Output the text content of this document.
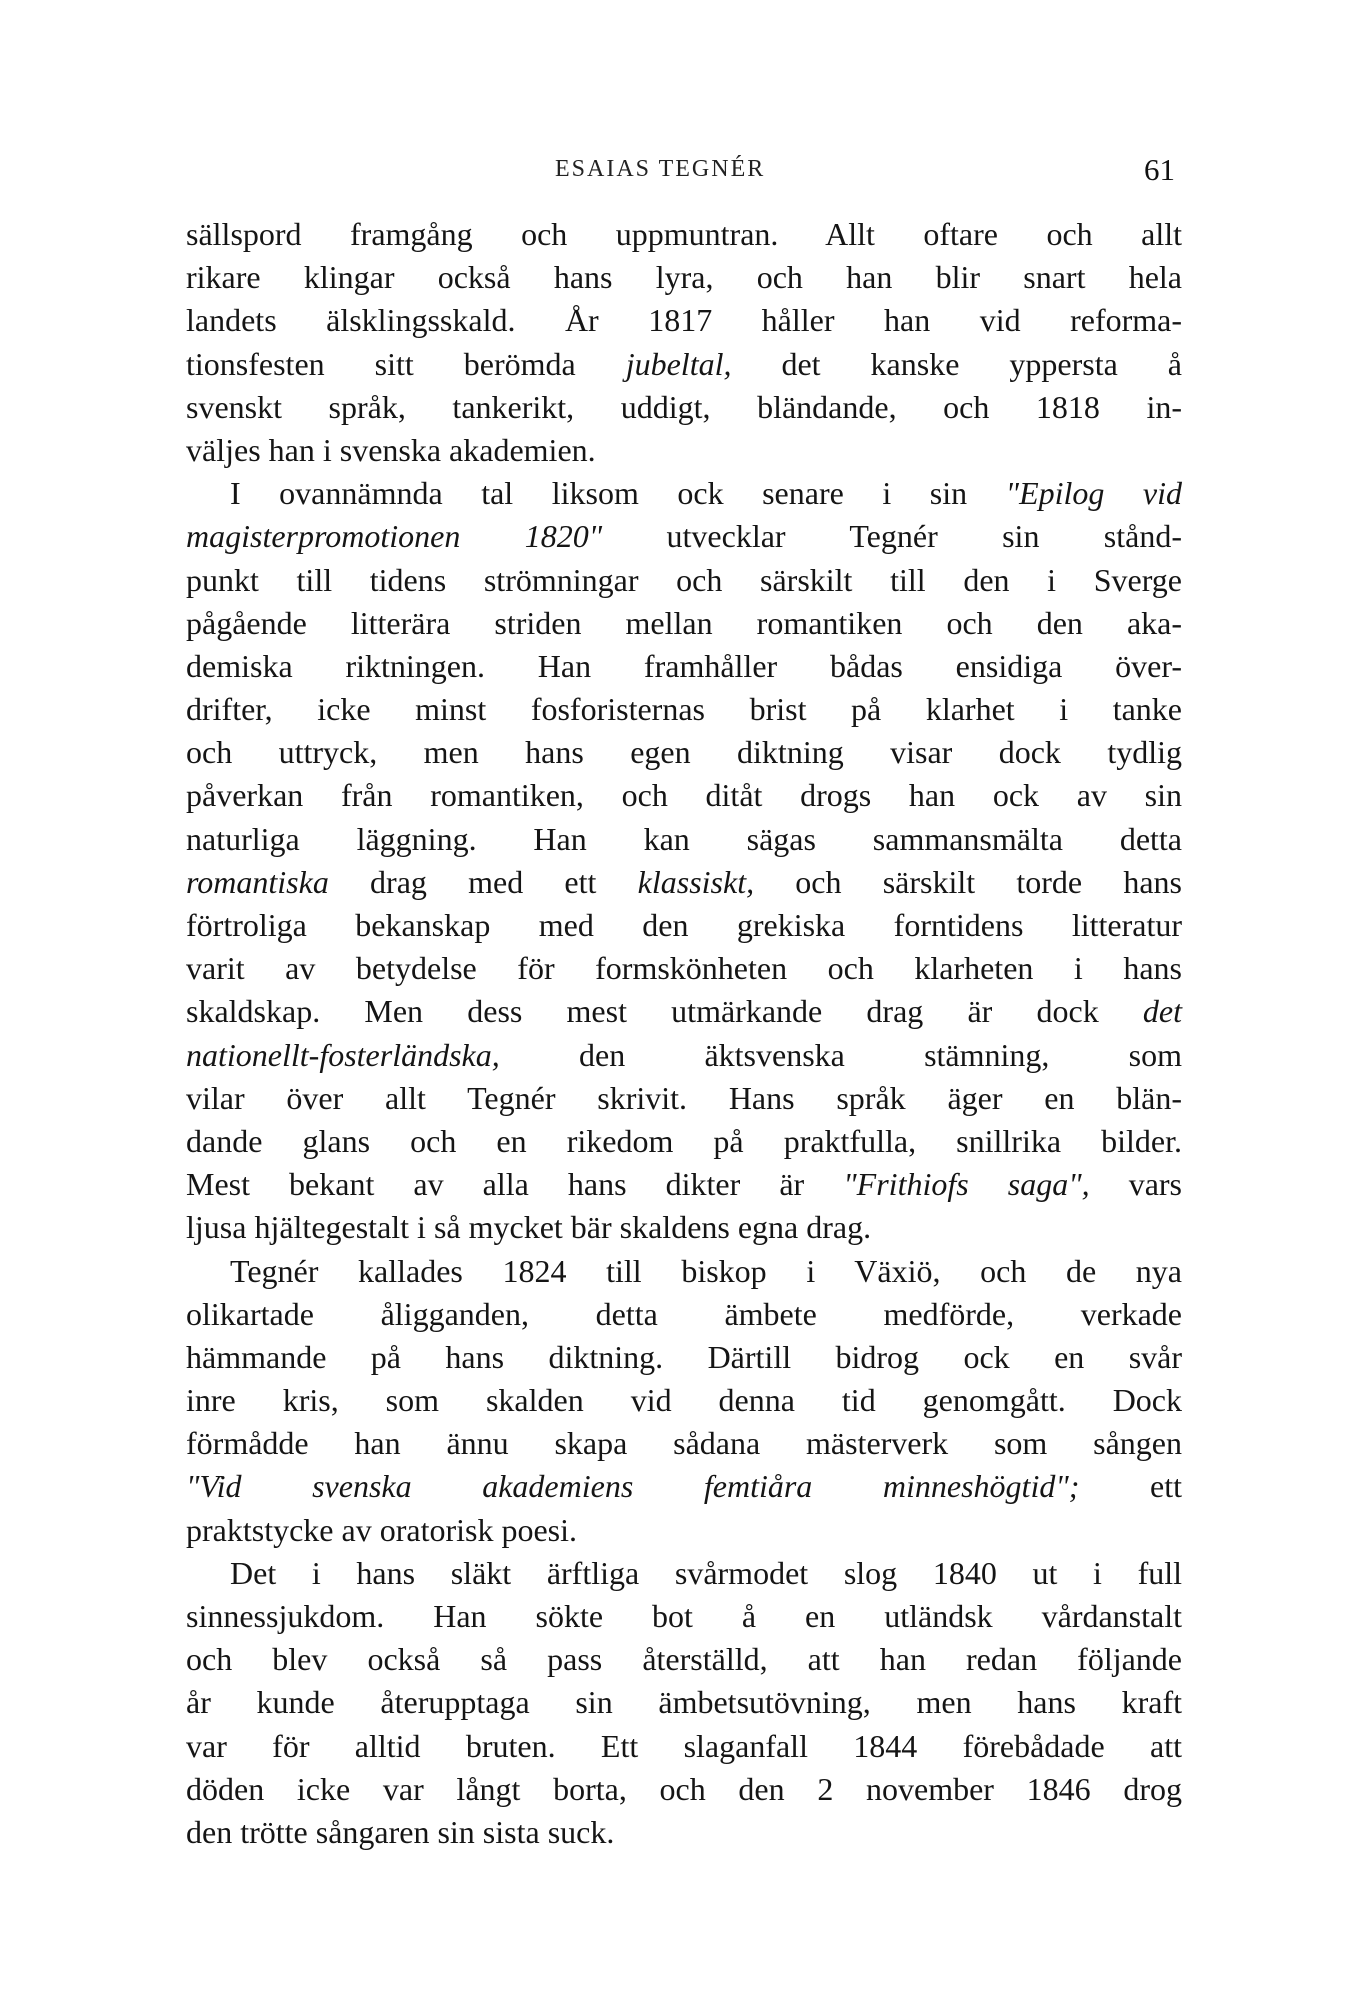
ESAIAS TEGNÉR	61
sällspord framgång och uppmuntran. Allt oftare och allt
rikare klingar också hans lyra, och han blir snart hela
landets älsklingsskald. År 1817 håller han vid reforma-
tionsfesten sitt berömda jubeltal, det kanske yppersta å
svenskt språk, tankerikt, uddigt, bländande, och 1818 in-
väljes han i svenska akademien.
I ovannämnda tal liksom ock senare i sin "Epilog vid
magisterpromotionen 1820" utvecklar Tegnér sin stånd-
punkt till tidens strömningar och särskilt till den i Sverge
pågående litterära striden mellan romantiken och den aka-
demiska riktningen. Han framhåller bådas ensidiga över-
drifter, icke minst fosforisternas brist på klarhet i tanke
och uttryck, men hans egen diktning visar dock tydlig
påverkan från romantiken, och ditåt drogs han ock av sin
naturliga läggning. Han kan sägas sammansmälta detta
romantiska drag med ett klassiskt, och särskilt torde hans
förtroliga bekanskap med den grekiska forntidens litteratur
varit av betydelse för formskönheten och klarheten i hans
skaldskap. Men dess mest utmärkande drag är dock det
nationellt-fosterländska, den äktsvenska stämning, som
vilar över allt Tegnér skrivit. Hans språk äger en blän-
dande glans och en rikedom på praktfulla, snillrika bilder.
Mest bekant av alla hans dikter är "Frithiofs saga", vars
ljusa hjältegestalt i så mycket bär skaldens egna drag.
Tegnér kallades 1824 till biskop i Växiö, och de nya
olikartade åligganden, detta ämbete medförde, verkade
hämmande på hans diktning. Därtill bidrog ock en svår
inre kris, som skalden vid denna tid genomgått. Dock
förmådde han ännu skapa sådana mästerverk som sången
"Vid svenska akademiens femtiåra minneshögtid"; ett
praktstycke av oratorisk poesi.
Det i hans släkt ärftliga svårmodet slog 1840 ut i full
sinnessjukdom. Han sökte bot å en utländsk vårdanstalt
och blev också så pass återställd, att han redan följande
år kunde återupptaga sin ämbetsutövning, men hans kraft
var för alltid bruten. Ett slaganfall 1844 förebådade att
döden icke var långt borta, och den 2 november 1846 drog
den trötte sångaren sin sista suck.
